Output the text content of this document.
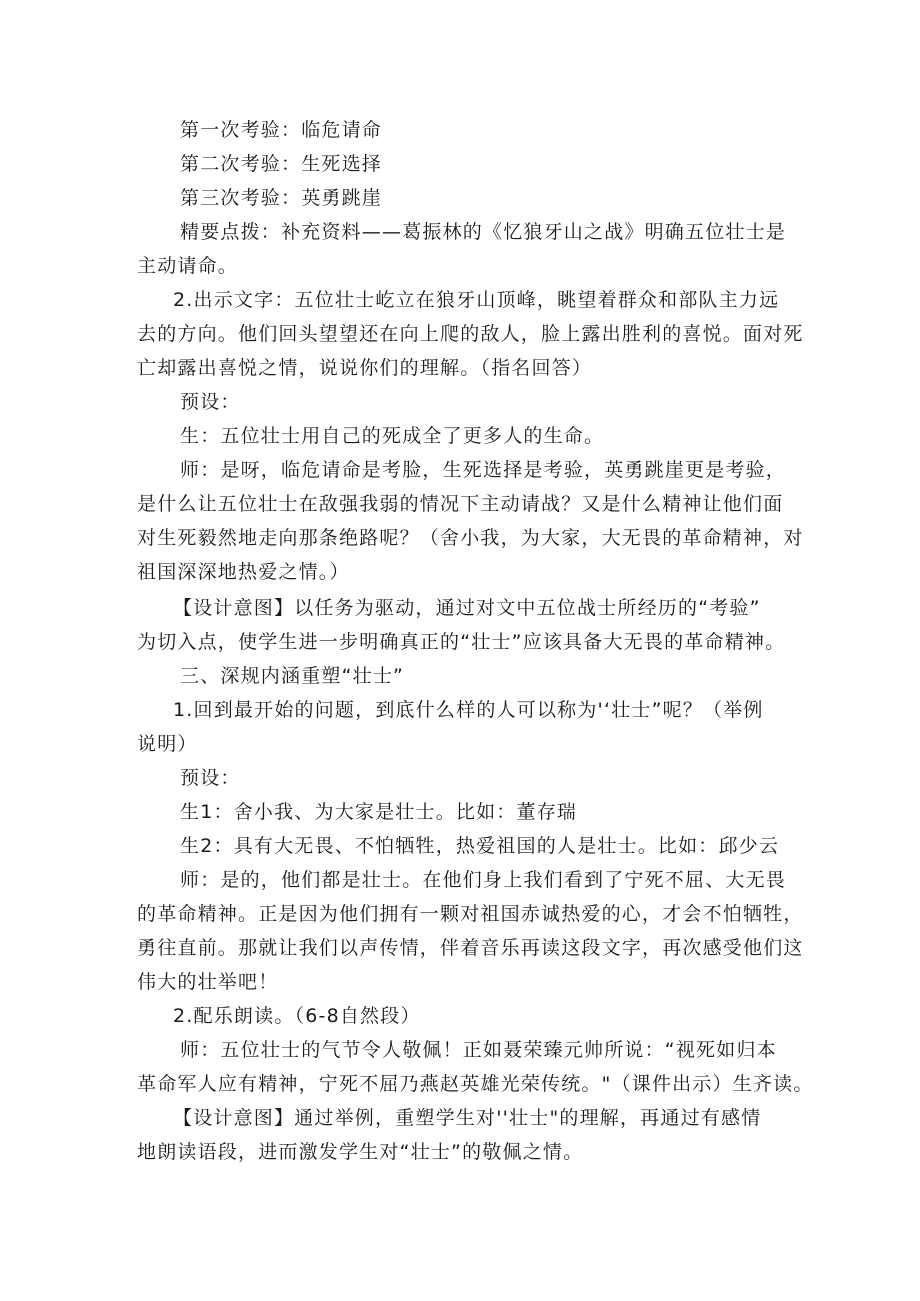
第一次考验：临危请命
第二次考验：生死选择
第三次考验：英勇跳崖
精要点拨：补充资料——葛振林的《忆狼牙山之战》明确五位壮士是
主动请命。
2.出示文字：五位壮士屹立在狼牙山顶峰，眺望着群众和部队主力远
去的方向。他们回头望望还在向上爬的敌人，脸上露出胜利的喜悦。面对死
亡却露出喜悦之情，说说你们的理解。（指名回答）
预设：
生：五位壮士用自己的死成全了更多人的生命。
师：是呀，临危请命是考脸，生死选择是考验，英勇跳崖更是考验，
是什么让五位壮士在敌强我弱的情况下主动请战？又是什么精神让他们面
对生死毅然地走向那条绝路呢？（舍小我，为大家，大无畏的革命精神，对
祖国深深地热爱之情。）
【设计意图】以任务为驱动，通过对文中五位战士所经历的“考验”
为切入点，使学生进一步明确真正的“壮士”应该具备大无畏的革命精神。
三、深规内涵重塑“壮士”
1.回到最开始的问题，到底什么样的人可以称为'‘壮士”呢？（举例
说明）
预设：
生1：舍小我、为大家是壮士。比如：董存瑞
生2：具有大无畏、不怕牺牲，热爱祖国的人是壮士。比如：邱少云
师：是的，他们都是壮士。在他们身上我们看到了宁死不屈、大无畏
的革命精神。正是因为他们拥有一颗对祖国赤诚热爱的心，才会不怕牺牲，
勇往直前。那就让我们以声传情，伴着音乐再读这段文字，再次感受他们这
伟大的壮举吧！
2.配乐朗读。（6-8自然段）
师：五位壮士的气节令人敬佩！正如聂荣臻元帅所说：“视死如归本
革命军人应有精神，宁死不屈乃燕赵英雄光荣传统。"（课件出示）生齐读。
【设计意图】通过举例，重塑学生对''壮士"的理解，再通过有感情
地朗读语段，进而激发学生对“壮士”的敬佩之情。
